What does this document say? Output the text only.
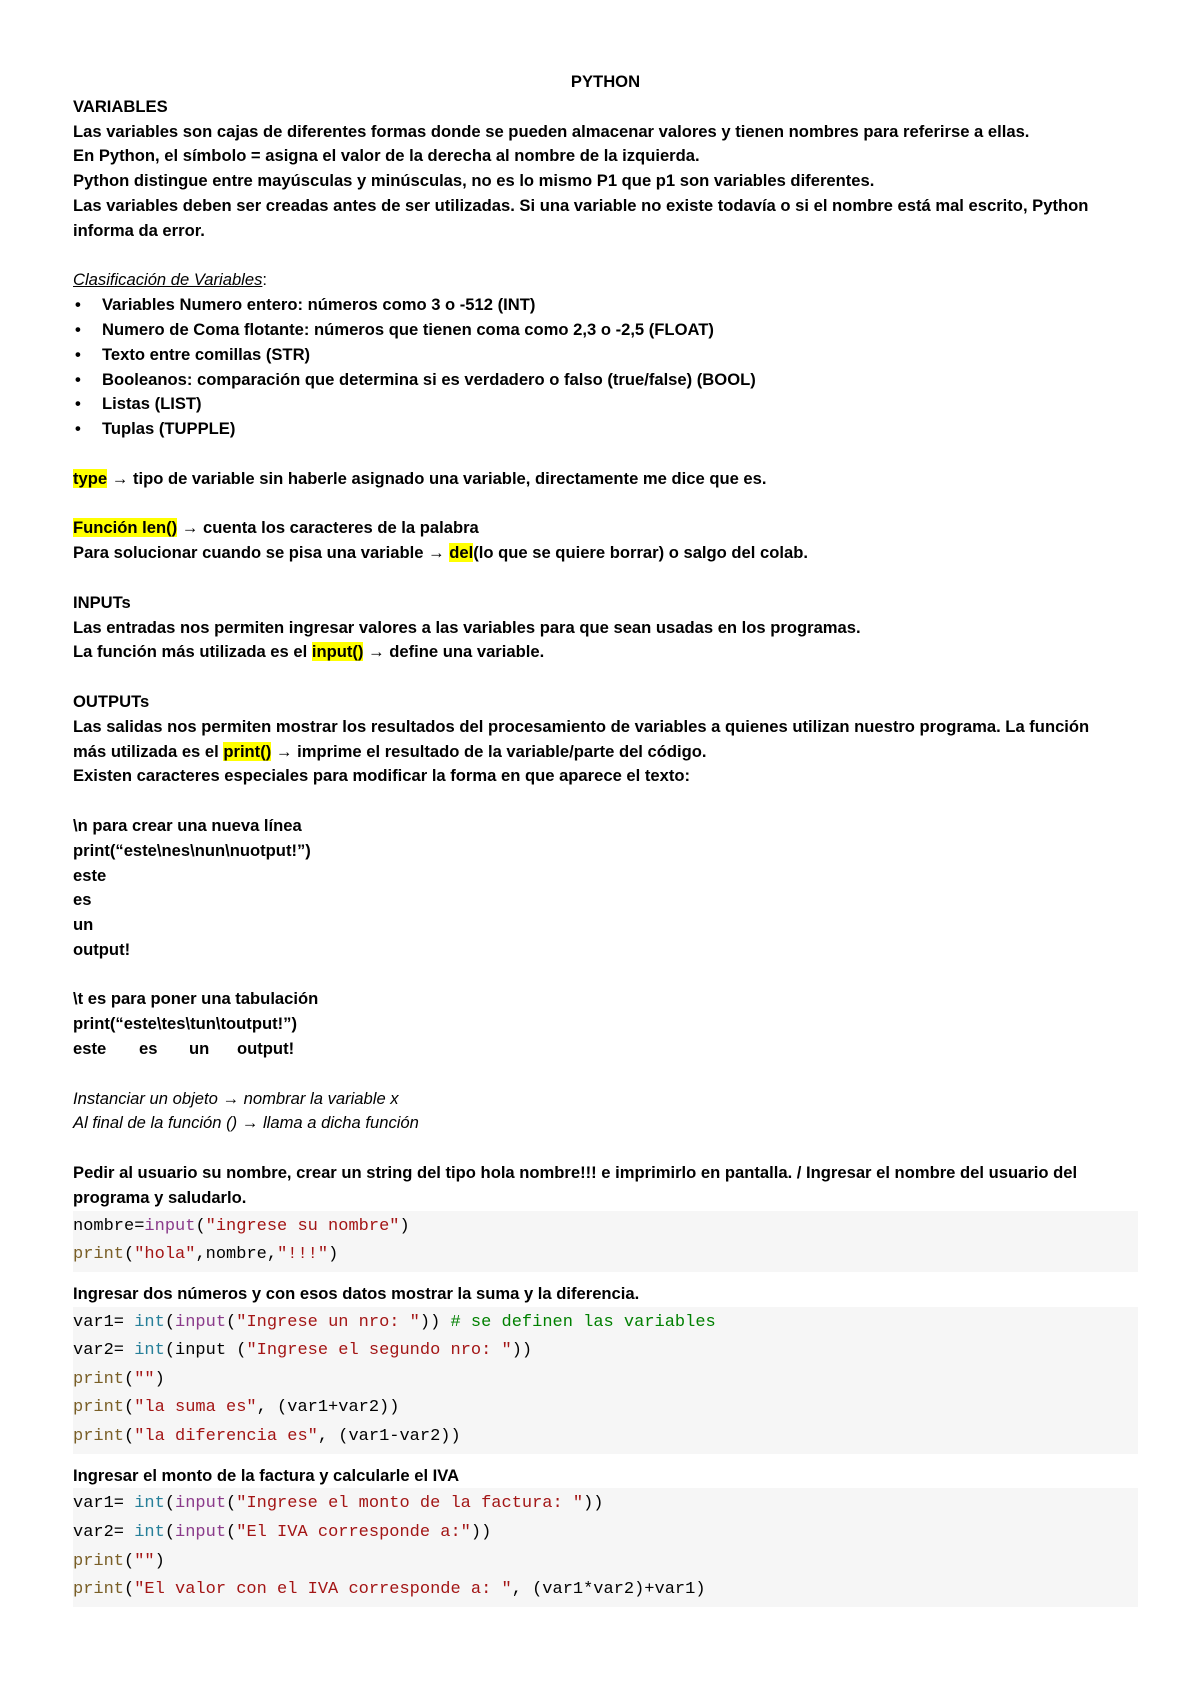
PYTHON

VARIABLES

Las variables son cajas de diferentes formas donde se pueden almacenar valores y tienen nombres para referirse a ellas.

En Python, el símbolo = asigna el valor de la derecha al nombre de la izquierda.

Python distingue entre mayúsculas y minúsculas, no es lo mismo P1 que p1 son variables diferentes.

Las variables deben ser creadas antes de ser utilizadas. Si una variable no existe todavía o si el nombre está mal escrito, Python informa da error.

Clasificación de Variables:

• Variables Numero entero: números como 3 o -512 (INT)
• Numero de Coma flotante: números que tienen coma como 2,3 o -2,5 (FLOAT)
• Texto entre comillas (STR)
• Booleanos: comparación que determina si es verdadero o falso (true/false) (BOOL)
• Listas (LIST)
• Tuplas (TUPPLE)

type → tipo de variable sin haberle asignado una variable, directamente me dice que es.

Función len() → cuenta los caracteres de la palabra

Para solucionar cuando se pisa una variable → del(lo que se quiere borrar) o salgo del colab.

INPUTs

Las entradas nos permiten ingresar valores a las variables para que sean usadas en los programas.

La función más utilizada es el input() → define una variable.

OUTPUTs

Las salidas nos permiten mostrar los resultados del procesamiento de variables a quienes utilizan nuestro programa. La función

más utilizada es el print() → imprime el resultado de la variable/parte del código.

Existen caracteres especiales para modificar la forma en que aparece el texto:

\n para crear una nueva línea

print(“este\nes\nun\nuotput!”)

este

es

un

output!

\t es para poner una tabulación

print(“este\tes\tun\toutput!”)

este es un output!

Instanciar un objeto → nombrar la variable x

Al final de la función () → llama a dicha función

Pedir al usuario su nombre, crear un string del tipo hola nombre!!! e imprimirlo en pantalla. / Ingresar el nombre del usuario del programa y saludarlo.

nombre=input("ingrese su nombre")
print("hola",nombre,"!!!")

Ingresar dos números y con esos datos mostrar la suma y la diferencia.

var1= int(input("Ingrese un nro: ")) # se definen las variables
var2= int(input ("Ingrese el segundo nro: "))
print("")
print("la suma es", (var1+var2))
print("la diferencia es", (var1-var2))

Ingresar el monto de la factura y calcularle el IVA

var1= int(input("Ingrese el monto de la factura: "))
var2= int(input("El IVA corresponde a:"))
print("")
print("El valor con el IVA corresponde a: ", (var1*var2)+var1)
